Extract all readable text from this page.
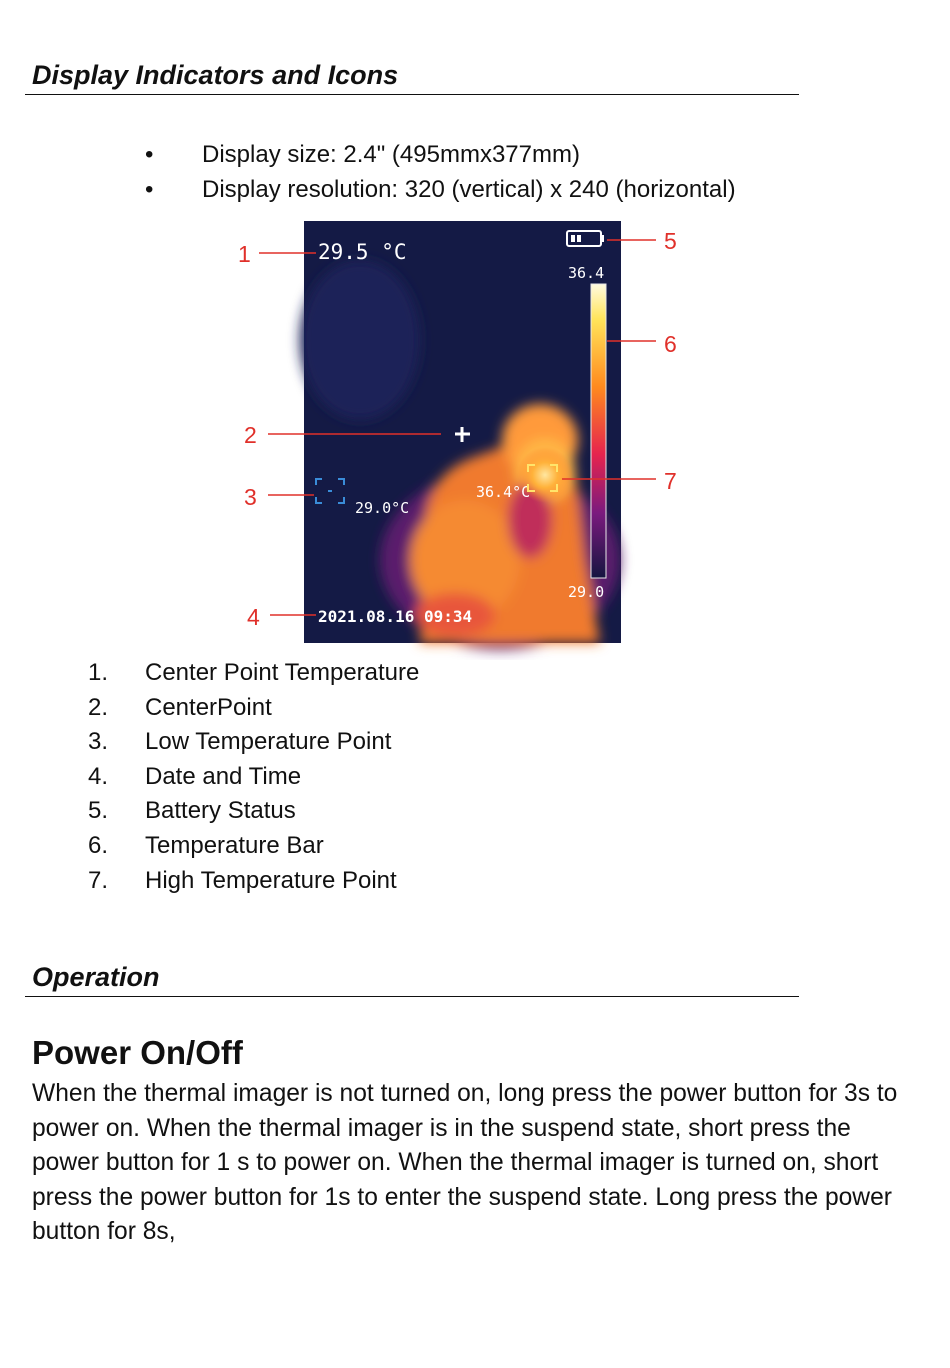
Display Indicators and Icons
• Display size: 2.4" (495mmx377mm)
• Display resolution: 320 (vertical) x 240 (horizontal)
29.5 °C
36.4
29.0
36.4°C
29.0°C
2021.08.16 09:34
1
2
3
4
5
6
7
1. Center Point Temperature
2. CenterPoint
3. Low Temperature Point
4. Date and Time
5. Battery Status
6. Temperature Bar
7. High Temperature Point
Operation
Power On/Off

When the thermal imager is not turned on, long press the power button for 3s to power on. When the thermal imager is in the suspend state, short press the power button for 1 s to power on. When the thermal imager is turned on, short press the power button for 1s to enter the suspend state. Long press the power button for 8s,
